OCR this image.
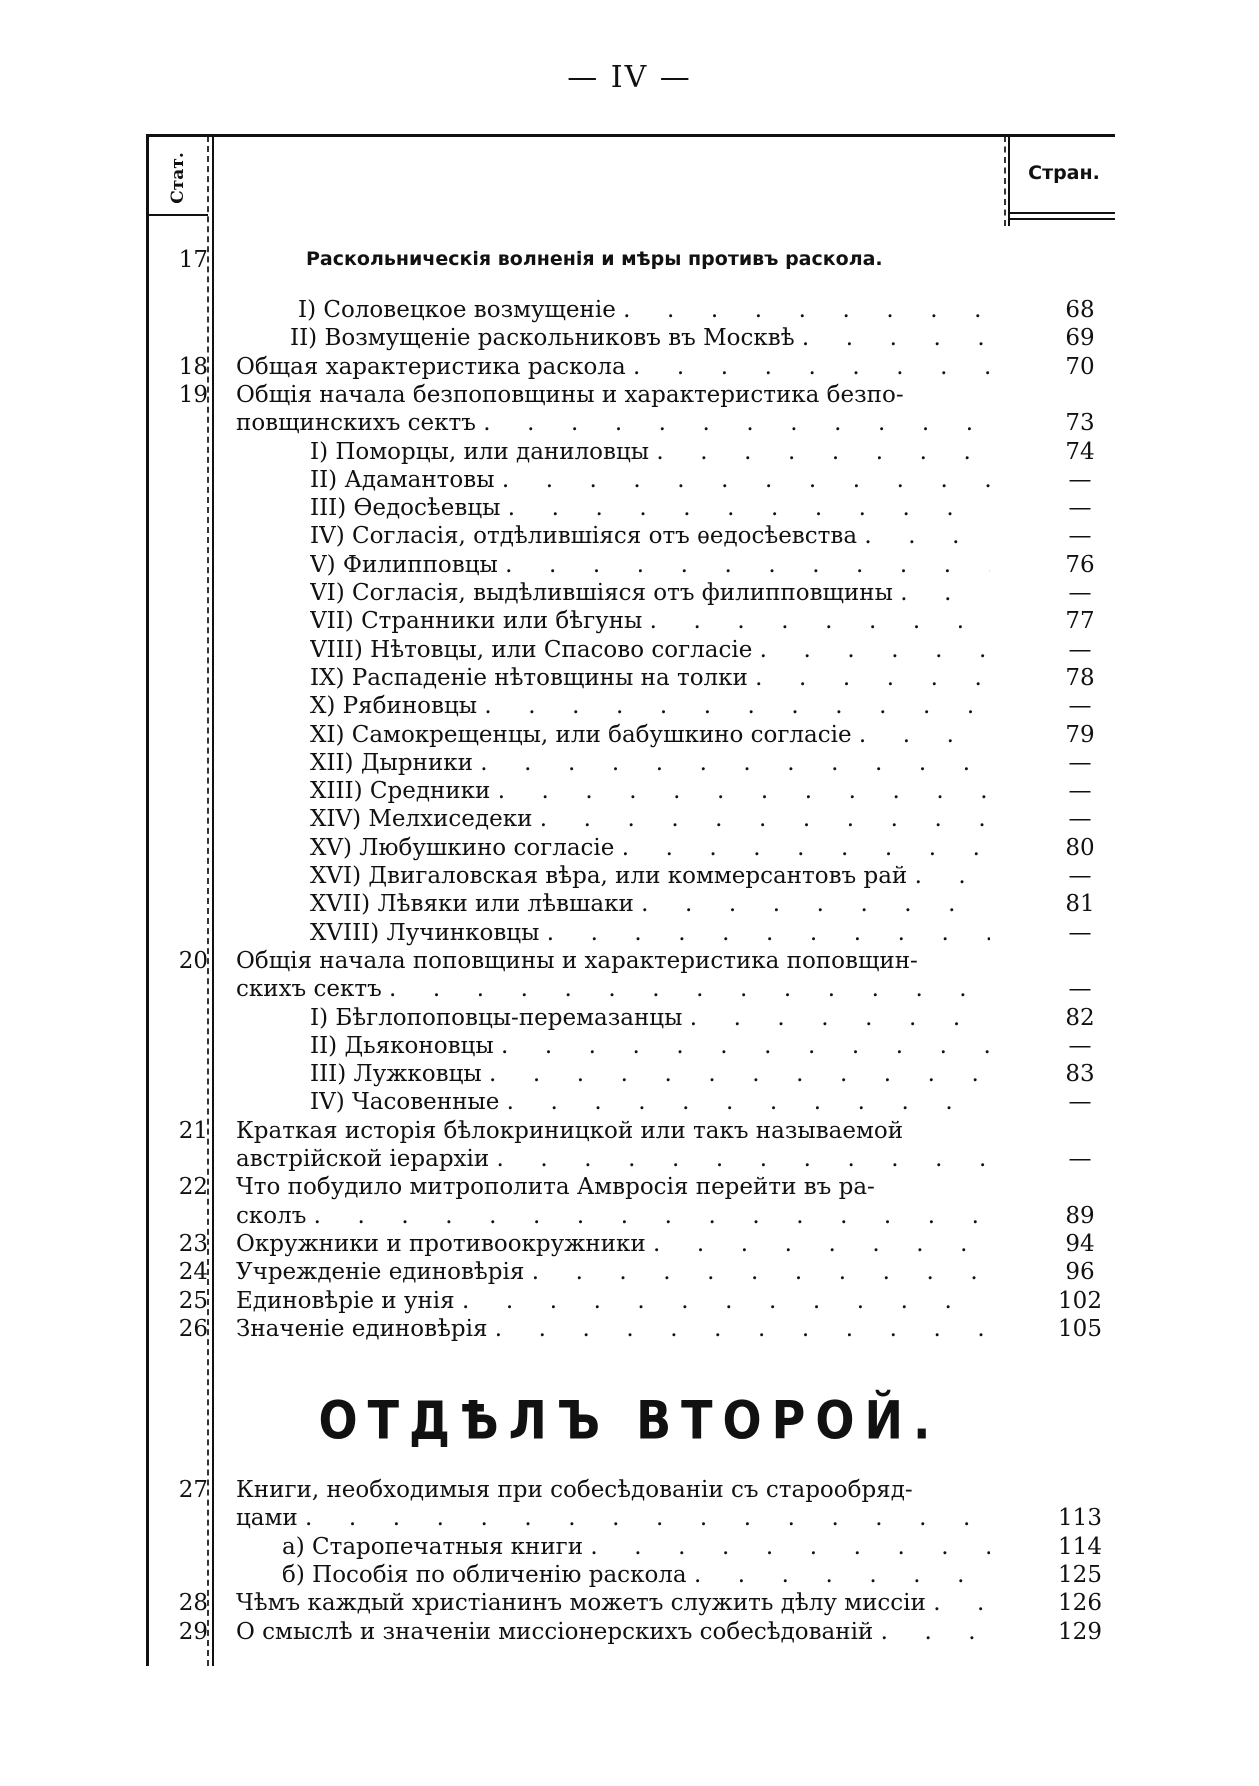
— IV —
Стат.	Стран.
17	Раскольническія волненія и мѣры противъ раскола.
I) Соловецкое возмущеніе .	68
II) Возмущеніе раскольниковъ въ Москвѣ .	69
18 Общая характеристика раскола .	70
19 Общія начала безпоповщины и характеристика безпо-
повщинскихъ сектъ .	73
I) Поморцы, или даниловцы .	74
II) Адамантовы .	—
III) Ѳедосѣевцы .	—
IV) Согласія, отдѣлившіяся отъ ѳедосѣевства .	—
V) Филипповцы .	76
VI) Согласія, выдѣлившіяся отъ филипповщины .	—
VII) Странники или бѣгуны .	77
VIII) Нѣтовцы, или Спасово согласіе .	—
IX) Распаденіе нѣтовщины на толки .	78
X) Рябиновцы .	—
XI) Самокрещенцы, или бабушкино согласіе .	79
XII) Дырники .	—
XIII) Средники .	—
XIV) Мелхиседеки .	—
XV) Любушкино согласіе .	80
XVI) Двигаловская вѣра, или коммерсантовъ рай .	—
XVII) Лѣвяки или лѣвшаки .	81
XVIII) Лучинковцы .	—
20 Общія начала поповщины и характеристика поповщин-
скихъ сектъ .	—
I) Бѣглопоповцы-перемазанцы .	82
II) Дьяконовцы .	—
III) Лужковцы .	83
IV) Часовенные .	—
21 Краткая исторія бѣлокриницкой или такъ называемой
австрійской іерархіи .	—
22 Что побудило митрополита Амвросія перейти въ ра-
сколъ .	89
23 Окружники и противоокружники .	94
24 Учрежденіе единовѣрія .	96
25 Единовѣріе и унія .	102
26 Значеніе единовѣрія .	105
ОТДѢЛЪ ВТОРОЙ.
27 Книги, необходимыя при собесѣдованіи съ старообряд-
цами .	113
а) Старопечатныя книги .	114
б) Пособія по обличенію раскола .	125
28 Чѣмъ каждый христіанинъ можетъ служить дѣлу миссіи .	126
29 О смыслѣ и значеніи миссіонерскихъ собесѣдованій .	129
